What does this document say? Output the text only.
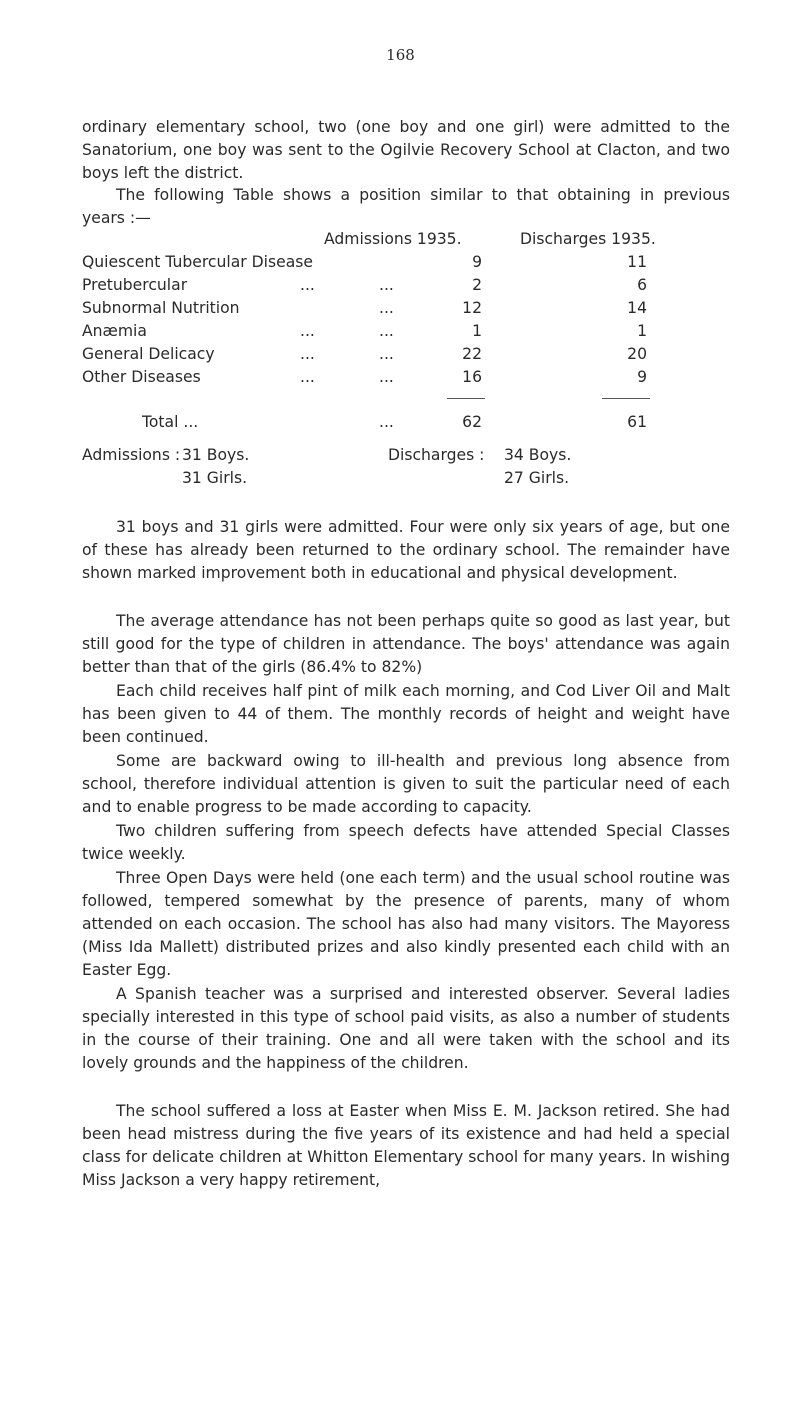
168

ordinary elementary school, two (one boy and one girl) were admitted to the Sanatorium, one boy was sent to the Ogilvie Recovery School at Clacton, and two boys left the district.

The following Table shows a position similar to that obtaining in previous years :—

Admissions 1935.	Discharges 1935.
Quiescent Tubercular Disease	9	11
Pretubercular	...	...	2	6
Subnormal Nutrition	...	12	14
Anæmia	...	...	1	1
General Delicacy	...	...	22	20
Other Diseases	...	...	16	9
Total ...	...	62	61
Admissions : 31 Boys.	Discharges : 34 Boys.
31 Girls.	27 Girls.

31 boys and 31 girls were admitted. Four were only six years of age, but one of these has already been returned to the ordinary school. The remainder have shown marked improvement both in educational and physical development.

The average attendance has not been perhaps quite so good as last year, but still good for the type of children in attendance. The boys' attendance was again better than that of the girls (86.4% to 82%)

Each child receives half pint of milk each morning, and Cod Liver Oil and Malt has been given to 44 of them. The monthly records of height and weight have been continued.

Some are backward owing to ill-health and previous long absence from school, therefore individual attention is given to suit the particular need of each and to enable progress to be made according to capacity.

Two children suffering from speech defects have attended Special Classes twice weekly.

Three Open Days were held (one each term) and the usual school routine was followed, tempered somewhat by the presence of parents, many of whom attended on each occasion. The school has also had many visitors. The Mayoress (Miss Ida Mallett) distributed prizes and also kindly presented each child with an Easter Egg.

A Spanish teacher was a surprised and interested observer. Several ladies specially interested in this type of school paid visits, as also a number of students in the course of their training. One and all were taken with the school and its lovely grounds and the happiness of the children.

The school suffered a loss at Easter when Miss E. M. Jackson retired. She had been head mistress during the five years of its existence and had held a special class for delicate children at Whitton Elementary school for many years. In wishing Miss Jackson a very happy retirement,
